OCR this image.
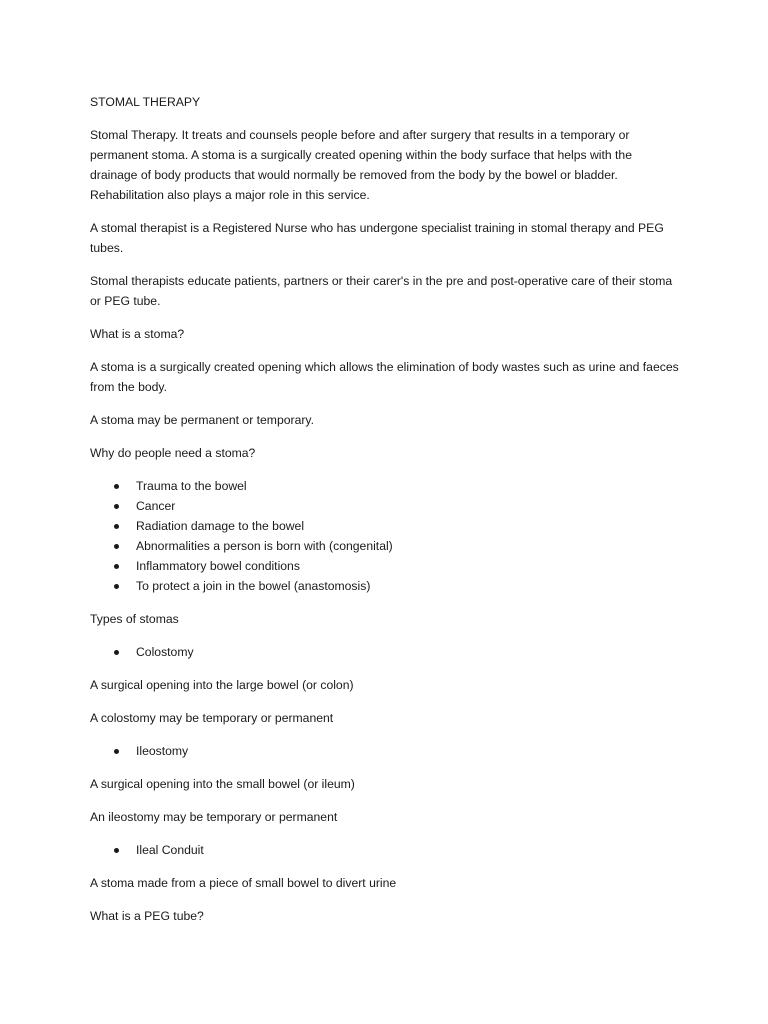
STOMAL THERAPY

Stomal Therapy. It treats and counsels people before and after surgery that results in a temporary or permanent stoma. A stoma is a surgically created opening within the body surface that helps with the drainage of body products that would normally be removed from the body by the bowel or bladder. Rehabilitation also plays a major role in this service.

A stomal therapist is a Registered Nurse who has undergone specialist training in stomal therapy and PEG tubes.

Stomal therapists educate patients, partners or their carer's in the pre and post-operative care of their stoma or PEG tube.

What is a stoma?

A stoma is a surgically created opening which allows the elimination of body wastes such as urine and faeces from the body.

A stoma may be permanent or temporary.

Why do people need a stoma?

Trauma to the bowel
Cancer
Radiation damage to the bowel
Abnormalities a person is born with (congenital)
Inflammatory bowel conditions
To protect a join in the bowel (anastomosis)

Types of stomas

Colostomy

A surgical opening into the large bowel (or colon)

A colostomy may be temporary or permanent

Ileostomy

A surgical opening into the small bowel (or ileum)

An ileostomy may be temporary or permanent

Ileal Conduit

A stoma made from a piece of small bowel to divert urine

What is a PEG tube?
